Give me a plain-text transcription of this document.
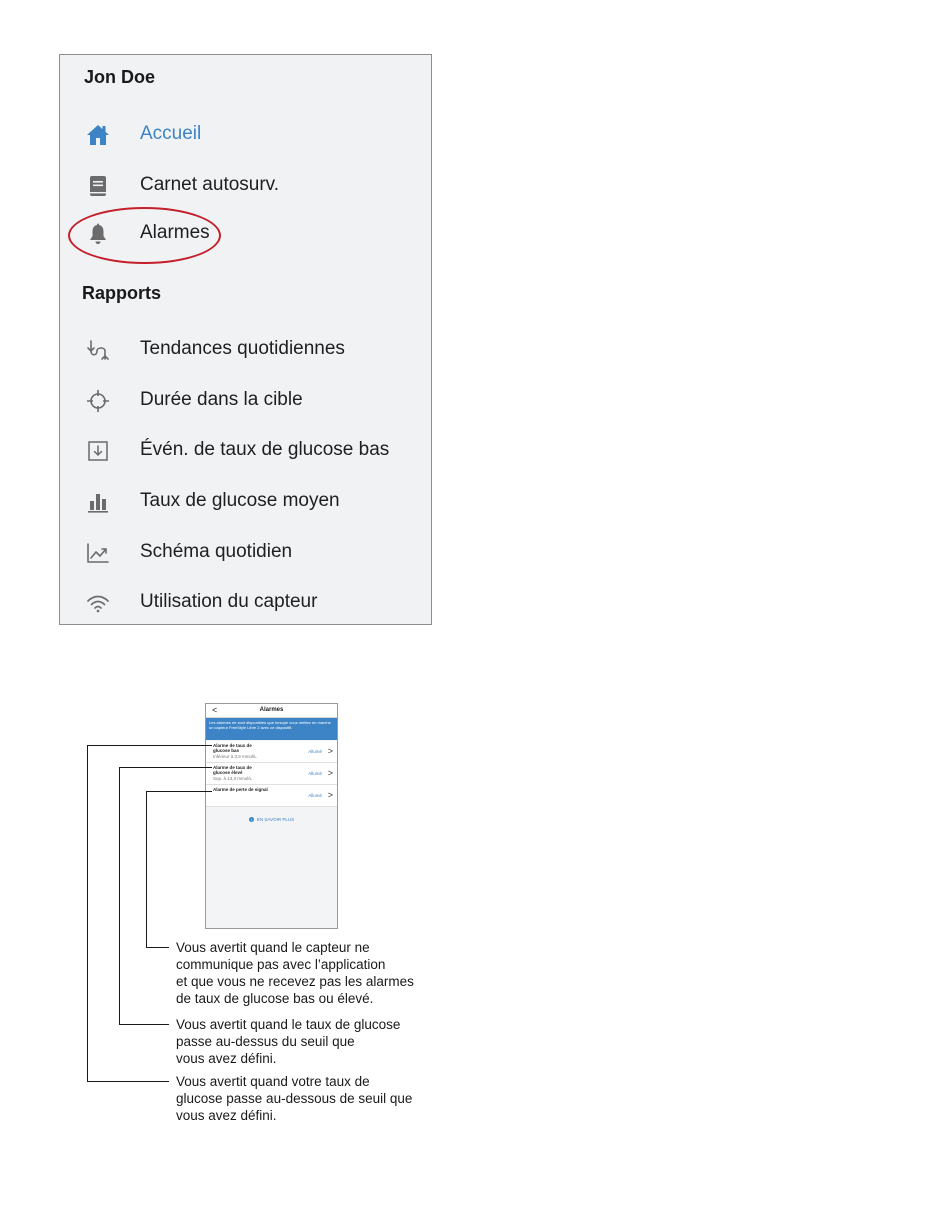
Jon Doe
Accueil
Carnet autosurv.
Alarmes
Rapports
Tendances quotidiennes
Durée dans la cible
Évén. de taux de glucose bas
Taux de glucose moyen
Schéma quotidien
Utilisation du capteur
Alarmes
<
Les alarmes ne sont disponibles que lorsque vous mettez en marche un capteur FreeStyle Libre 2 avec ce dispositif.
Alarme de taux de glucose bas
Inférieur à 3,9 mmol/L
Allumé >
Alarme de taux de glucose élevé
Sup. à 13,3 mmol/L
Allumé >
Alarme de perte de signal
Allumé >
i EN SAVOIR PLUS
Vous avertit quand le capteur ne
communique pas avec l’application
et que vous ne recevez pas les alarmes
de taux de glucose bas ou élevé.
Vous avertit quand le taux de glucose
passe au-dessus du seuil que
vous avez défini.
Vous avertit quand votre taux de
glucose passe au-dessous de seuil que
vous avez défini.
